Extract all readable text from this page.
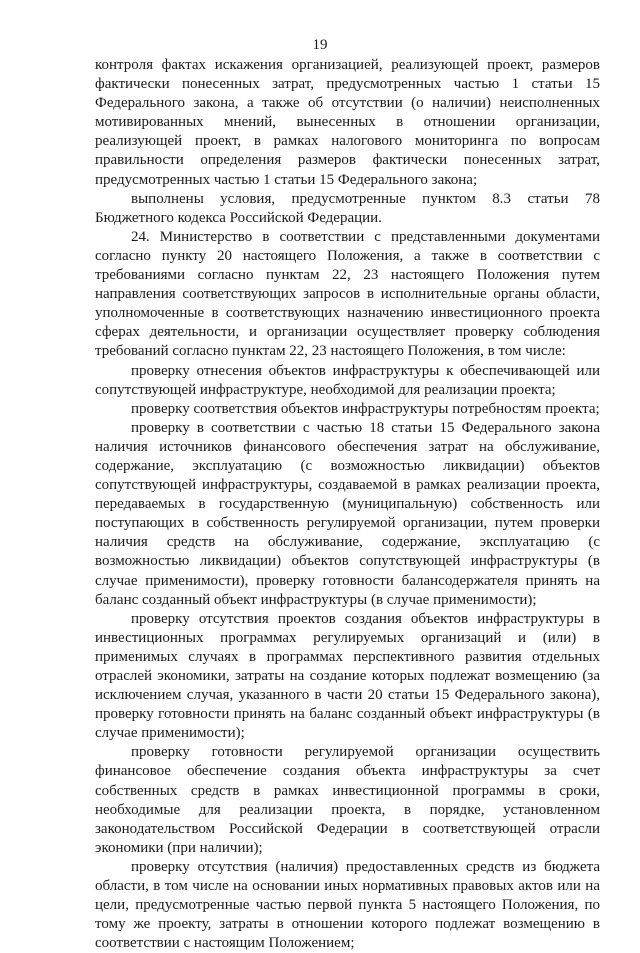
19

контроля фактах искажения организацией, реализующей проект, размеров фактически понесенных затрат, предусмотренных частью 1 статьи 15 Федерального закона, а также об отсутствии (о наличии) неисполненных мотивированных мнений, вынесенных в отношении организации, реализующей проект, в рамках налогового мониторинга по вопросам правильности определения размеров фактически понесенных затрат, предусмотренных частью 1 статьи 15 Федерального закона;

выполнены условия, предусмотренные пунктом 8.3 статьи 78 Бюджетного кодекса Российской Федерации.

24. Министерство в соответствии с представленными документами согласно пункту 20 настоящего Положения, а также в соответствии с требованиями согласно пунктам 22, 23 настоящего Положения путем направления соответствующих запросов в исполнительные органы области, уполномоченные в соответствующих назначению инвестиционного проекта сферах деятельности, и организации осуществляет проверку соблюдения требований согласно пунктам 22, 23 настоящего Положения, в том числе:

проверку отнесения объектов инфраструктуры к обеспечивающей или сопутствующей инфраструктуре, необходимой для реализации проекта;

проверку соответствия объектов инфраструктуры потребностям проекта;

проверку в соответствии с частью 18 статьи 15 Федерального закона наличия источников финансового обеспечения затрат на обслуживание, содержание, эксплуатацию (с возможностью ликвидации) объектов сопутствующей инфраструктуры, создаваемой в рамках реализации проекта, передаваемых в государственную (муниципальную) собственность или поступающих в собственность регулируемой организации, путем проверки наличия средств на обслуживание, содержание, эксплуатацию (с возможностью ликвидации) объектов сопутствующей инфраструктуры (в случае применимости), проверку готовности балансодержателя принять на баланс созданный объект инфраструктуры (в случае применимости);

проверку отсутствия проектов создания объектов инфраструктуры в инвестиционных программах регулируемых организаций и (или) в применимых случаях в программах перспективного развития отдельных отраслей экономики, затраты на создание которых подлежат возмещению (за исключением случая, указанного в части 20 статьи 15 Федерального закона), проверку готовности принять на баланс созданный объект инфраструктуры (в случае применимости);

проверку готовности регулируемой организации осуществить финансовое обеспечение создания объекта инфраструктуры за счет собственных средств в рамках инвестиционной программы в сроки, необходимые для реализации проекта, в порядке, установленном законодательством Российской Федерации в соответствующей отрасли экономики (при наличии);

проверку отсутствия (наличия) предоставленных средств из бюджета области, в том числе на основании иных нормативных правовых актов или на цели, предусмотренные частью первой пункта 5 настоящего Положения, по тому же проекту, затраты в отношении которого подлежат возмещению в соответствии с настоящим Положением;
